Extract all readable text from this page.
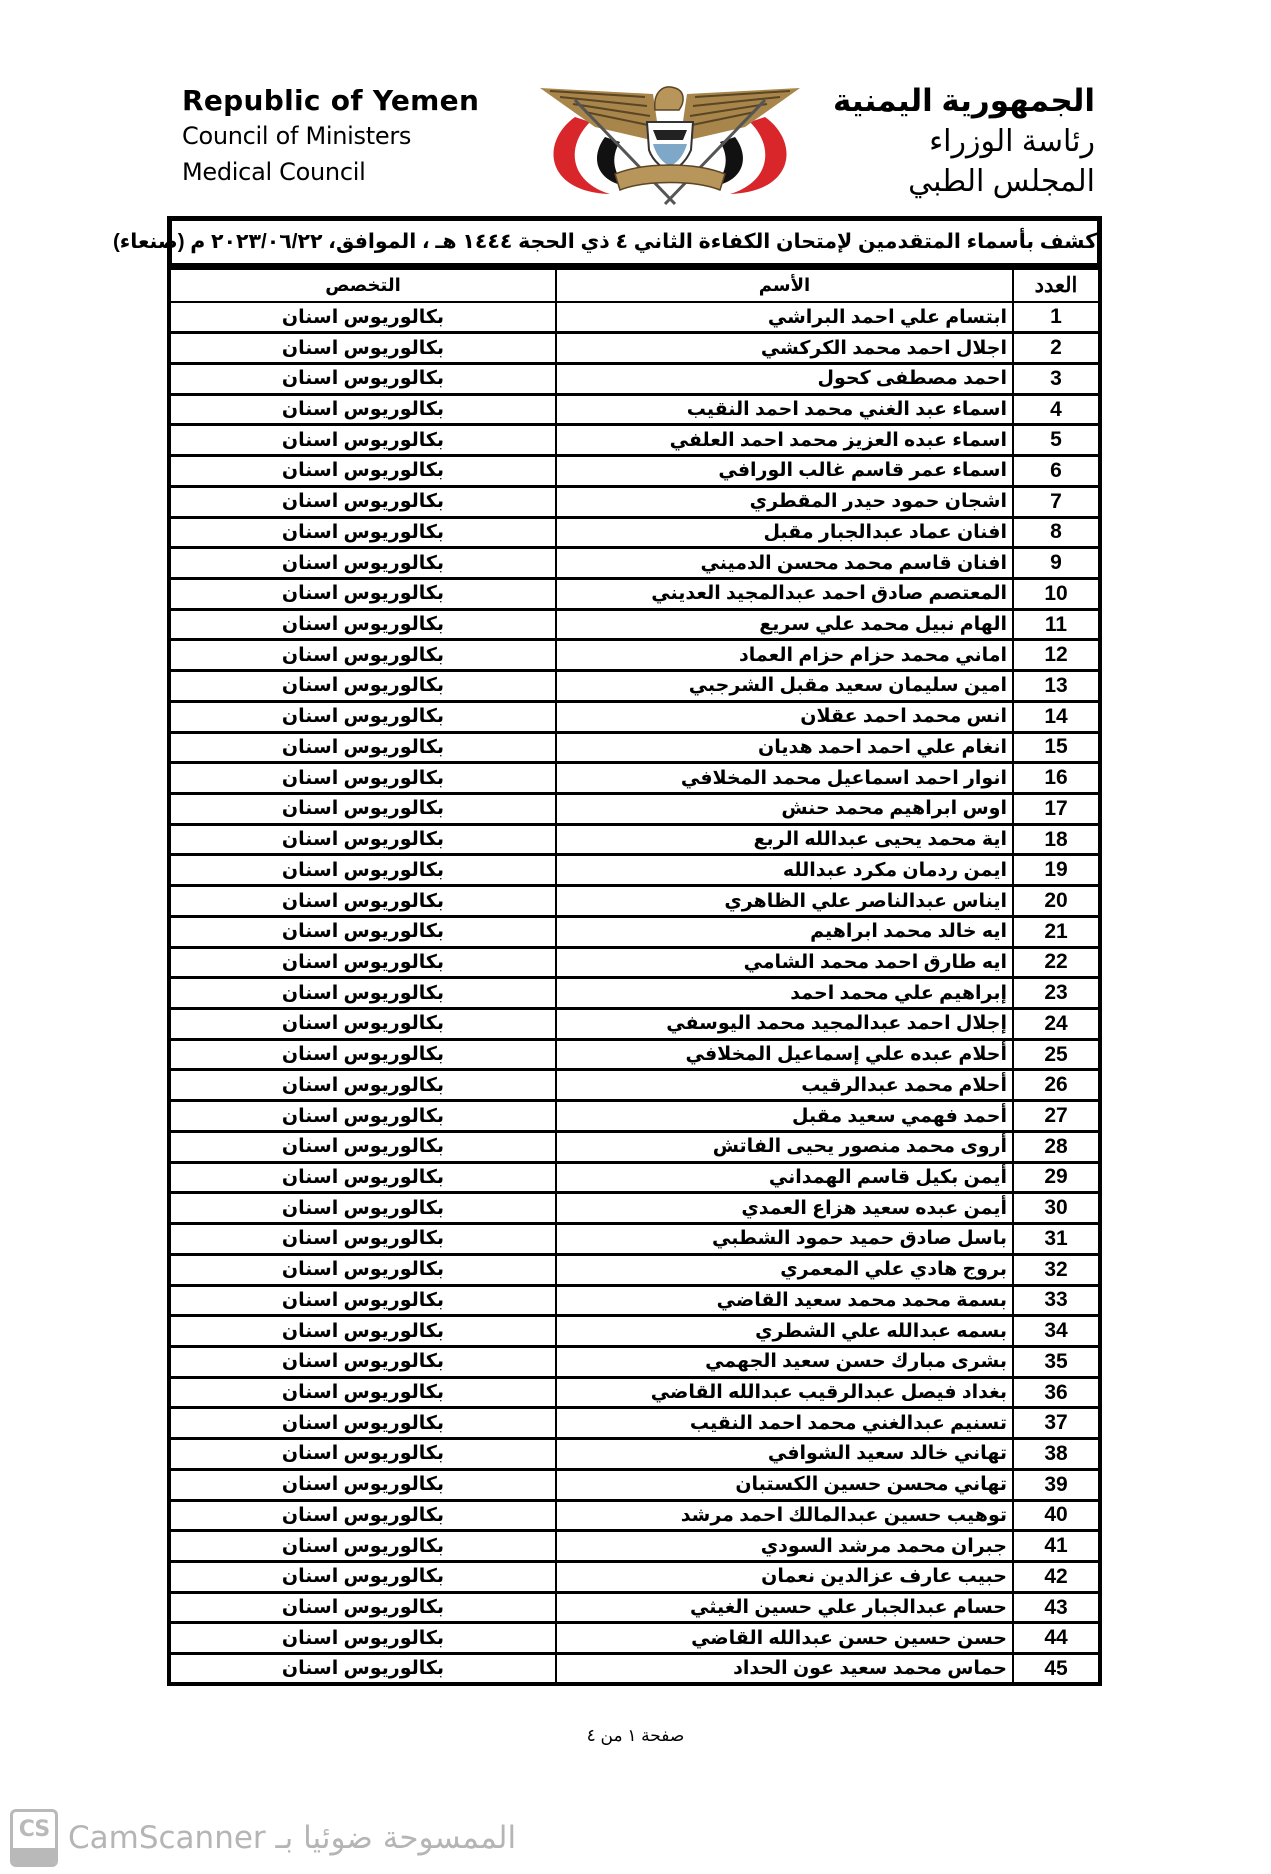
Republic of Yemen
Council of Ministers
Medical Council
الجمهورية اليمنية
رئاسة الوزراء
المجلس الطبي
كشف بأسماء المتقدمين لإمتحان الكفاءة الثاني ٤ ذي الحجة ١٤٤٤ هـ ، الموافق، ٢٠٢٣/٠٦/٢٢ م (صنعاء)
العدد	الأسم	التخصص
1	ابتسام علي احمد البراشي	بكالوريوس اسنان
2	اجلال احمد محمد الكركشي	بكالوريوس اسنان
3	احمد مصطفى كحول	بكالوريوس اسنان
4	اسماء عبد الغني محمد احمد النقيب	بكالوريوس اسنان
5	اسماء عبده العزيز محمد احمد العلفي	بكالوريوس اسنان
6	اسماء عمر قاسم غالب الورافي	بكالوريوس اسنان
7	اشجان حمود حيدر المقطري	بكالوريوس اسنان
8	افنان عماد عبدالجبار مقبل	بكالوريوس اسنان
9	افنان قاسم محمد محسن الدميني	بكالوريوس اسنان
10	المعتصم صادق احمد عبدالمجيد العديني	بكالوريوس اسنان
11	الهام نبيل محمد علي سريع	بكالوريوس اسنان
12	اماني محمد حزام حزام العماد	بكالوريوس اسنان
13	امين سليمان سعيد مقبل الشرجبي	بكالوريوس اسنان
14	انس محمد احمد عقلان	بكالوريوس اسنان
15	انغام علي احمد احمد هديان	بكالوريوس اسنان
16	انوار احمد اسماعيل محمد المخلافي	بكالوريوس اسنان
17	اوس ابراهيم محمد حنش	بكالوريوس اسنان
18	اية محمد يحيى عبدالله الربع	بكالوريوس اسنان
19	ايمن ردمان مكرد عبدالله	بكالوريوس اسنان
20	ايناس عبدالناصر علي الظاهري	بكالوريوس اسنان
21	ايه خالد محمد ابراهيم	بكالوريوس اسنان
22	ايه طارق احمد محمد الشامي	بكالوريوس اسنان
23	إبراهيم علي محمد احمد	بكالوريوس اسنان
24	إجلال احمد عبدالمجيد محمد اليوسفي	بكالوريوس اسنان
25	أحلام عبده علي إسماعيل المخلافي	بكالوريوس اسنان
26	أحلام محمد عبدالرقيب	بكالوريوس اسنان
27	أحمد فهمي سعيد مقبل	بكالوريوس اسنان
28	أروى محمد منصور يحيى الفاتش	بكالوريوس اسنان
29	أيمن بكيل قاسم الهمداني	بكالوريوس اسنان
30	أيمن عبده سعيد هزاع العمدي	بكالوريوس اسنان
31	باسل صادق حميد حمود الشطبي	بكالوريوس اسنان
32	بروج هادي علي المعمري	بكالوريوس اسنان
33	بسمة محمد محمد سعيد القاضي	بكالوريوس اسنان
34	بسمه عبدالله علي الشطري	بكالوريوس اسنان
35	بشرى مبارك حسن سعيد الجهمي	بكالوريوس اسنان
36	بغداد فيصل عبدالرقيب عبدالله القاضي	بكالوريوس اسنان
37	تسنيم عبدالغني محمد احمد النقيب	بكالوريوس اسنان
38	تهاني خالد سعيد الشوافي	بكالوريوس اسنان
39	تهاني محسن حسين الكستبان	بكالوريوس اسنان
40	توهيب حسين عبدالمالك احمد مرشد	بكالوريوس اسنان
41	جبران محمد مرشد السودي	بكالوريوس اسنان
42	حبيب عارف عزالدين نعمان	بكالوريوس اسنان
43	حسام عبدالجبار علي حسين الغيثي	بكالوريوس اسنان
44	حسن حسين حسن عبدالله القاضي	بكالوريوس اسنان
45	حماس محمد سعيد عون الحداد	بكالوريوس اسنان
صفحة ١ من ٤
CS CamScanner الممسوحة ضوئيا بـ
